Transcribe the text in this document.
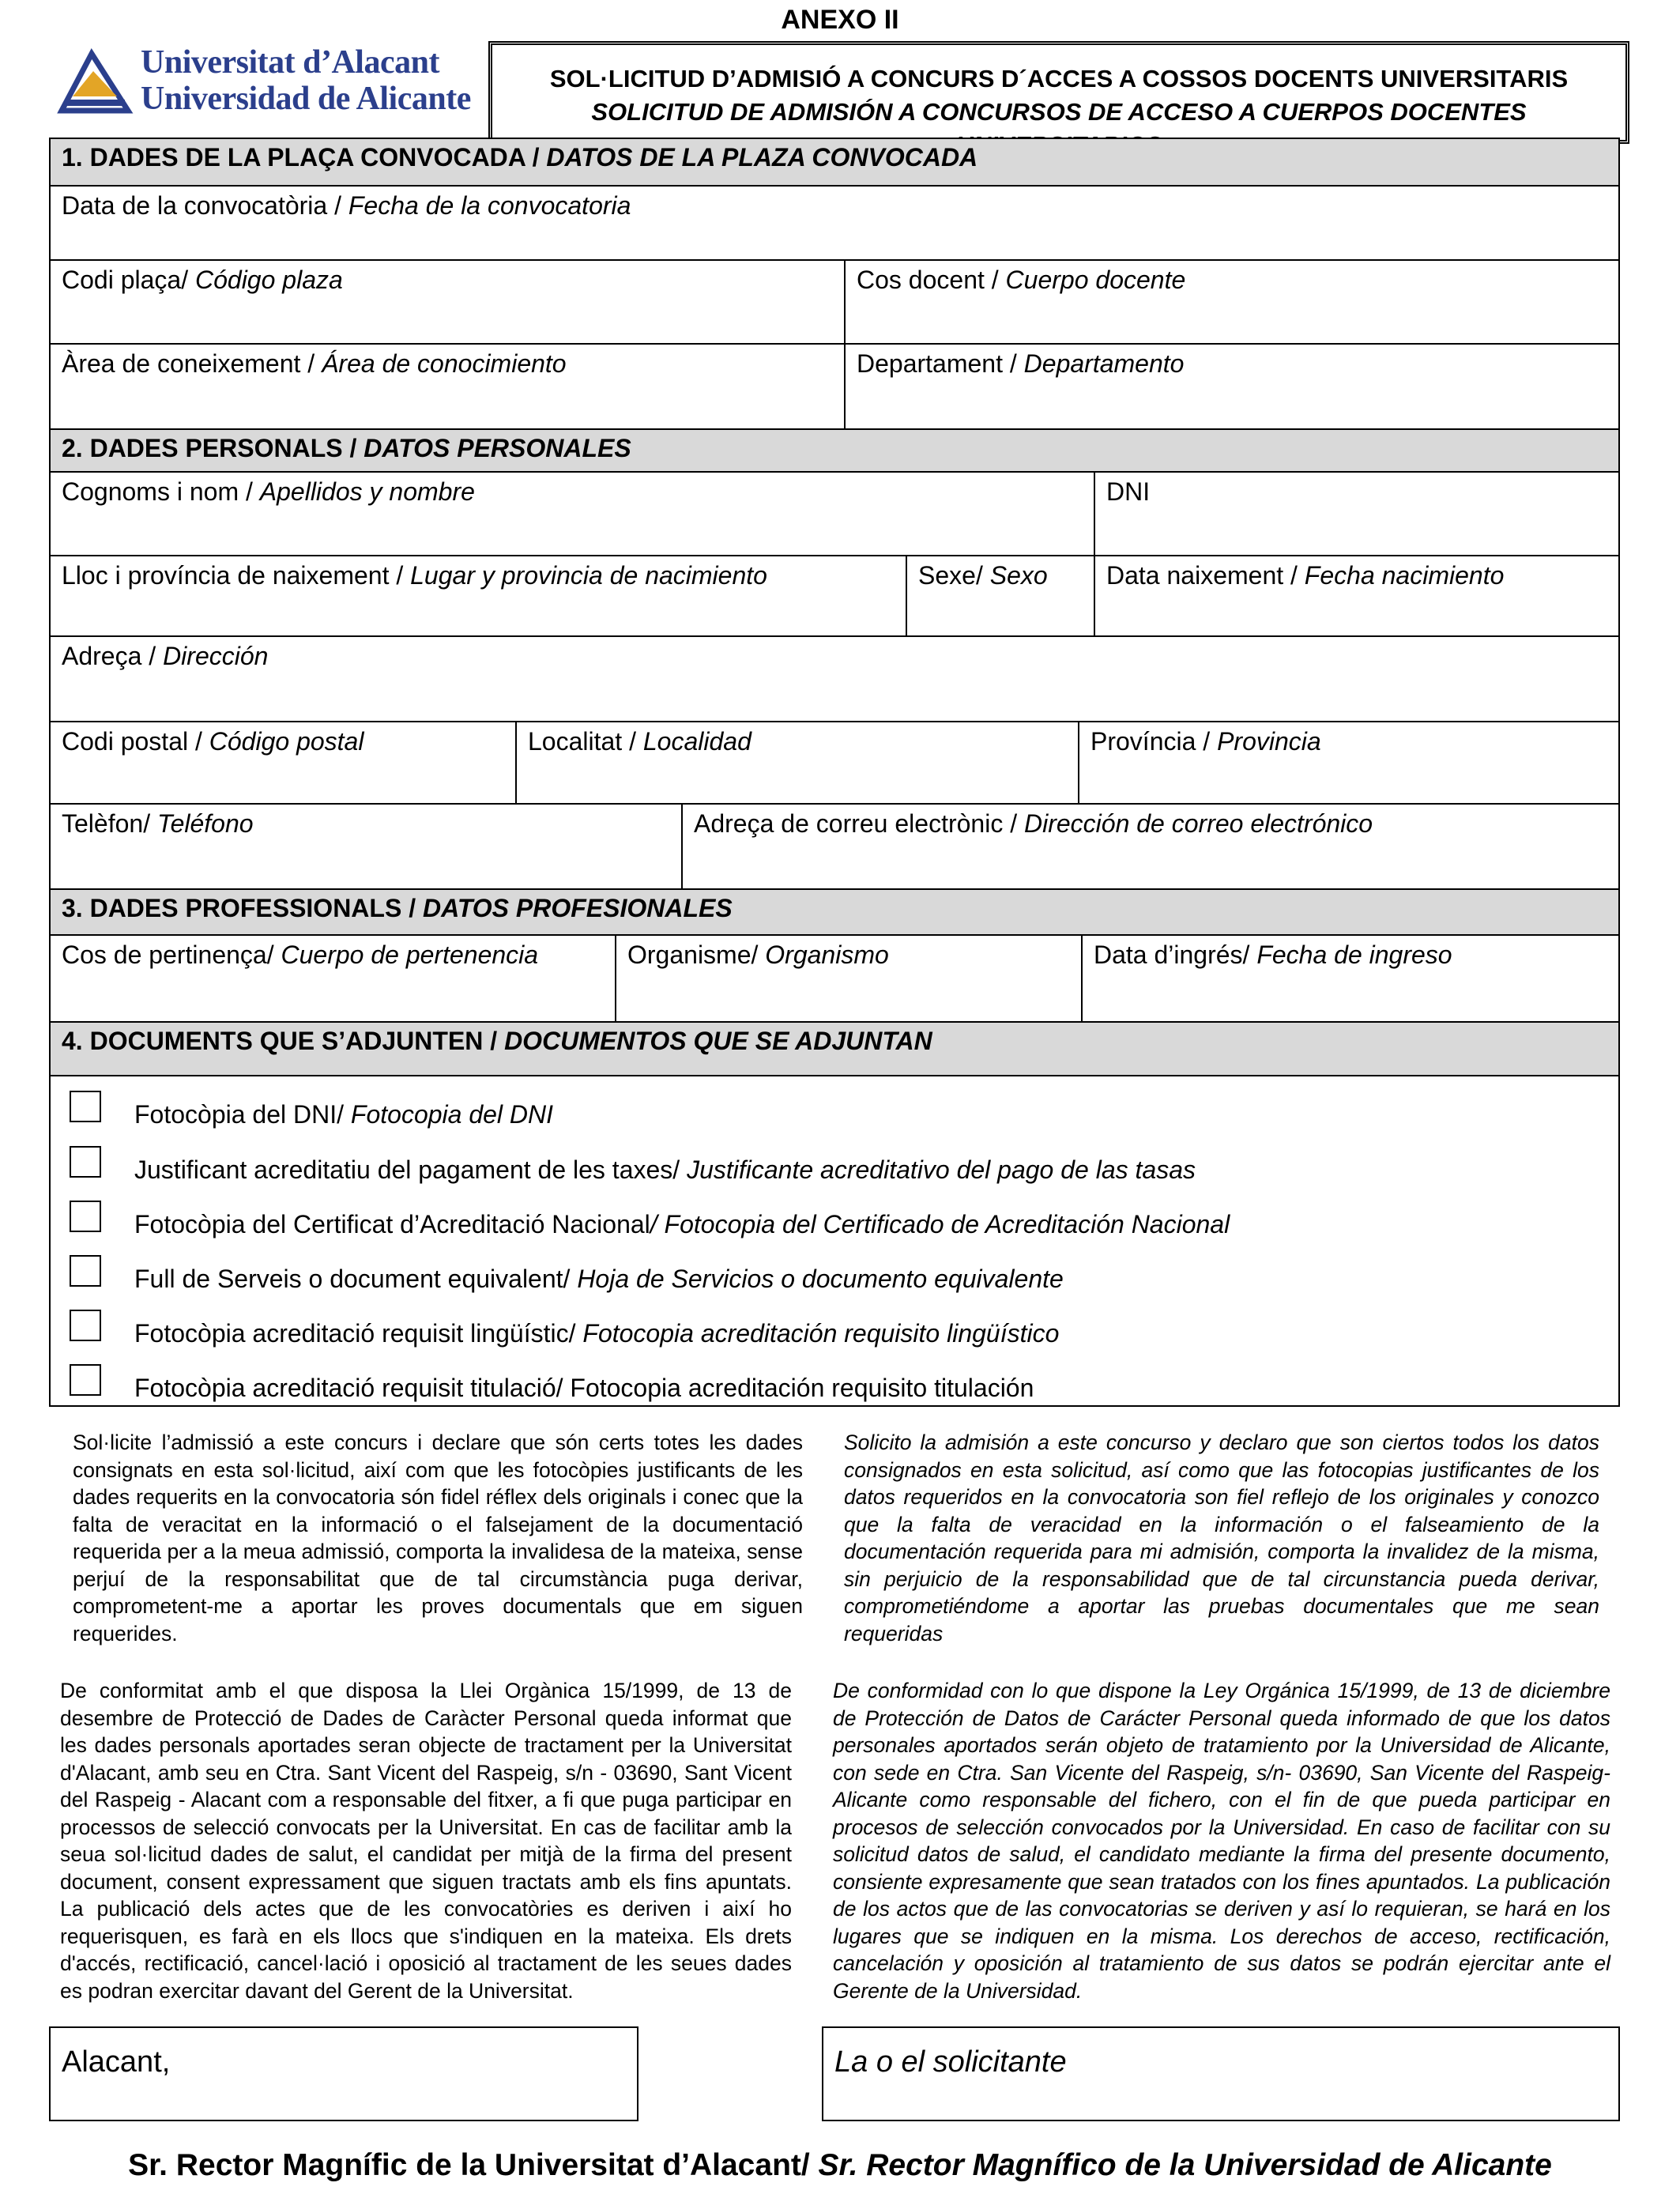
ANEXO II
Universitat d’Alacant
Universidad de Alicante
SOL·LICITUD D’ADMISIÓ A CONCURS D´ACCES A COSSOS DOCENTS UNIVERSITARIS
SOLICITUD DE ADMISIÓN A CONCURSOS DE ACCESO A CUERPOS DOCENTES
1. DADES DE LA PLAÇA CONVOCADA / DATOS DE LA PLAZA CONVOCADA
Data de la convocatòria / Fecha de la convocatoria
Codi plaça/ Código plaza	Cos docent / Cuerpo docente
Àrea de coneixement / Área de conocimiento	Departament / Departamento
2. DADES PERSONALS / DATOS PERSONALES
Cognoms i nom / Apellidos y nombre	DNI
Lloc i província de naixement / Lugar y provincia de nacimiento	Sexe/ Sexo	Data naixement / Fecha nacimiento
Adreça / Dirección
Codi postal / Código postal	Localitat / Localidad	Província / Provincia
Telèfon/ Teléfono	Adreça de correu electrònic / Dirección de correo electrónico
3. DADES PROFESSIONALS / DATOS PROFESIONALES
Cos de pertinença/ Cuerpo de pertenencia	Organisme/ Organismo	Data d’ingrés/ Fecha de ingreso
4. DOCUMENTS QUE S’ADJUNTEN / DOCUMENTOS QUE SE ADJUNTAN
Fotocòpia del DNI/ Fotocopia del DNI
Justificant acreditatiu del pagament de les taxes/ Justificante acreditativo del pago de las tasas
Fotocòpia del Certificat d’Acreditació Nacional/ Fotocopia del Certificado de Acreditación Nacional
Full de Serveis o document equivalent/ Hoja de Servicios o documento equivalente
Fotocòpia acreditació requisit lingüístic/ Fotocopia acreditación requisito lingüístico
Fotocòpia acreditació requisit titulació/ Fotocopia acreditación requisito titulación
Sol·licite l’admissió a este concurs i declare que són certs totes les dades consignats en esta sol·licitud, així com que les fotocòpies justificants de les dades requerits en la convocatoria són fidel réflex dels originals i conec que la falta de veracitat en la informació o el falsejament de la documentació requerida per a la meua admissió, comporta la invalidesa de la mateixa, sense perjuí de la responsabilitat que de tal circumstància puga derivar, comprometent-me a aportar les proves documentals que em siguen requerides.
Solicito la admisión a este concurso y declaro que son ciertos todos los datos consignados en esta solicitud, así como que las fotocopias justificantes de los datos requeridos en la convocatoria son fiel reflejo de los originales y conozco que la falta de veracidad en la información o el falseamiento de la documentación requerida para mi admisión, comporta la invalidez de la misma, sin perjuicio de la responsabilidad que de tal circunstancia pueda derivar, comprometiéndome a aportar las pruebas documentales que me sean requeridas
De conformitat amb el que disposa la Llei Orgànica 15/1999, de 13 de desembre de Protecció de Dades de Caràcter Personal queda informat que les dades personals aportades seran objecte de tractament per la Universitat d'Alacant, amb seu en Ctra. Sant Vicent del Raspeig, s/n - 03690, Sant Vicent del Raspeig - Alacant com a responsable del fitxer, a fi que puga participar en processos de selecció convocats per la Universitat. En cas de facilitar amb la seua sol·licitud dades de salut, el candidat per mitjà de la firma del present document, consent expressament que siguen tractats amb els fins apuntats. La publicació dels actes que de les convocatòries es deriven i així ho requerisquen, es farà en els llocs que s'indiquen en la mateixa. Els drets d'accés, rectificació, cancel·lació i oposició al tractament de les seues dades es podran exercitar davant del Gerent de la Universitat.
De conformidad con lo que dispone la Ley Orgánica 15/1999, de 13 de diciembre de Protección de Datos de Carácter Personal queda informado de que los datos personales aportados serán objeto de tratamiento por la Universidad de Alicante, con sede en Ctra. San Vicente del Raspeig, s/n- 03690, San Vicente del Raspeig-Alicante como responsable del fichero, con el fin de que pueda participar en procesos de selección convocados por la Universidad. En caso de facilitar con su solicitud datos de salud, el candidato mediante la firma del presente documento, consiente expresamente que sean tratados con los fines apuntados. La publicación de los actos que de las convocatorias se deriven y así lo requieran, se hará en los lugares que se indiquen en la misma. Los derechos de acceso, rectificación, cancelación y oposición al tratamiento de sus datos se podrán ejercitar ante el Gerente de la Universidad.
Alacant,	La o el solicitante
Sr. Rector Magnífic de la Universitat d’Alacant/ Sr. Rector Magnífico de la Universidad de Alicante
